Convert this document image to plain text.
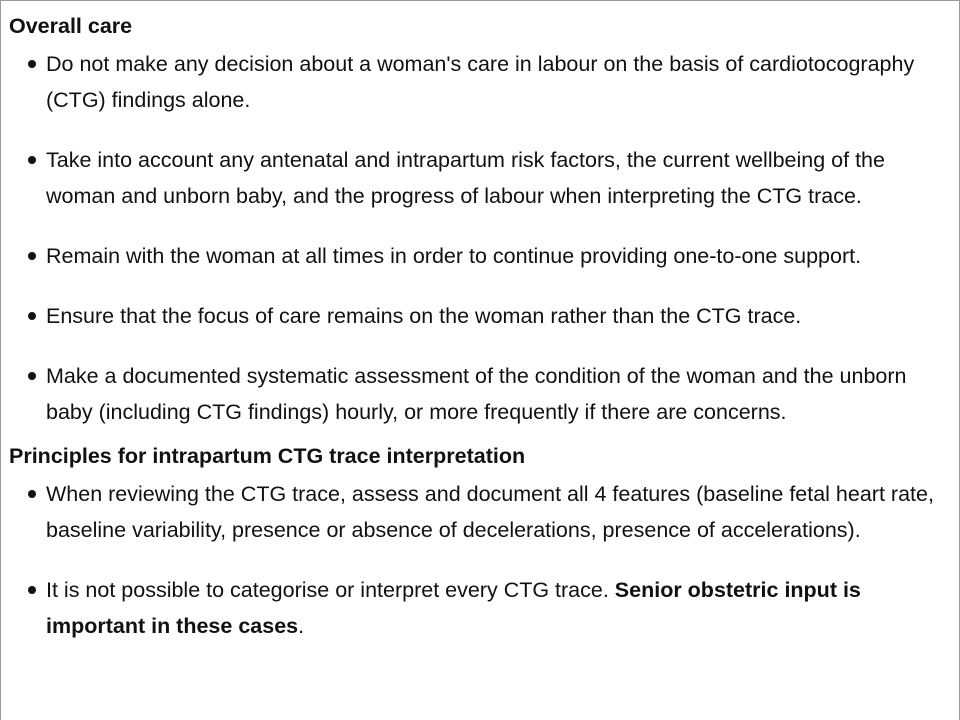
Overall care
Do not make any decision about a woman's care in labour on the basis of cardiotocography (CTG) findings alone.
Take into account any antenatal and intrapartum risk factors, the current wellbeing of the woman and unborn baby, and the progress of labour when interpreting the CTG trace.
Remain with the woman at all times in order to continue providing one-to-one support.
Ensure that the focus of care remains on the woman rather than the CTG trace.
Make a documented systematic assessment of the condition of the woman and the unborn baby (including CTG findings) hourly, or more frequently if there are concerns.
Principles for intrapartum CTG trace interpretation
When reviewing the CTG trace, assess and document all 4 features (baseline fetal heart rate, baseline variability, presence or absence of decelerations, presence of accelerations).
It is not possible to categorise or interpret every CTG trace. Senior obstetric input is important in these cases.
